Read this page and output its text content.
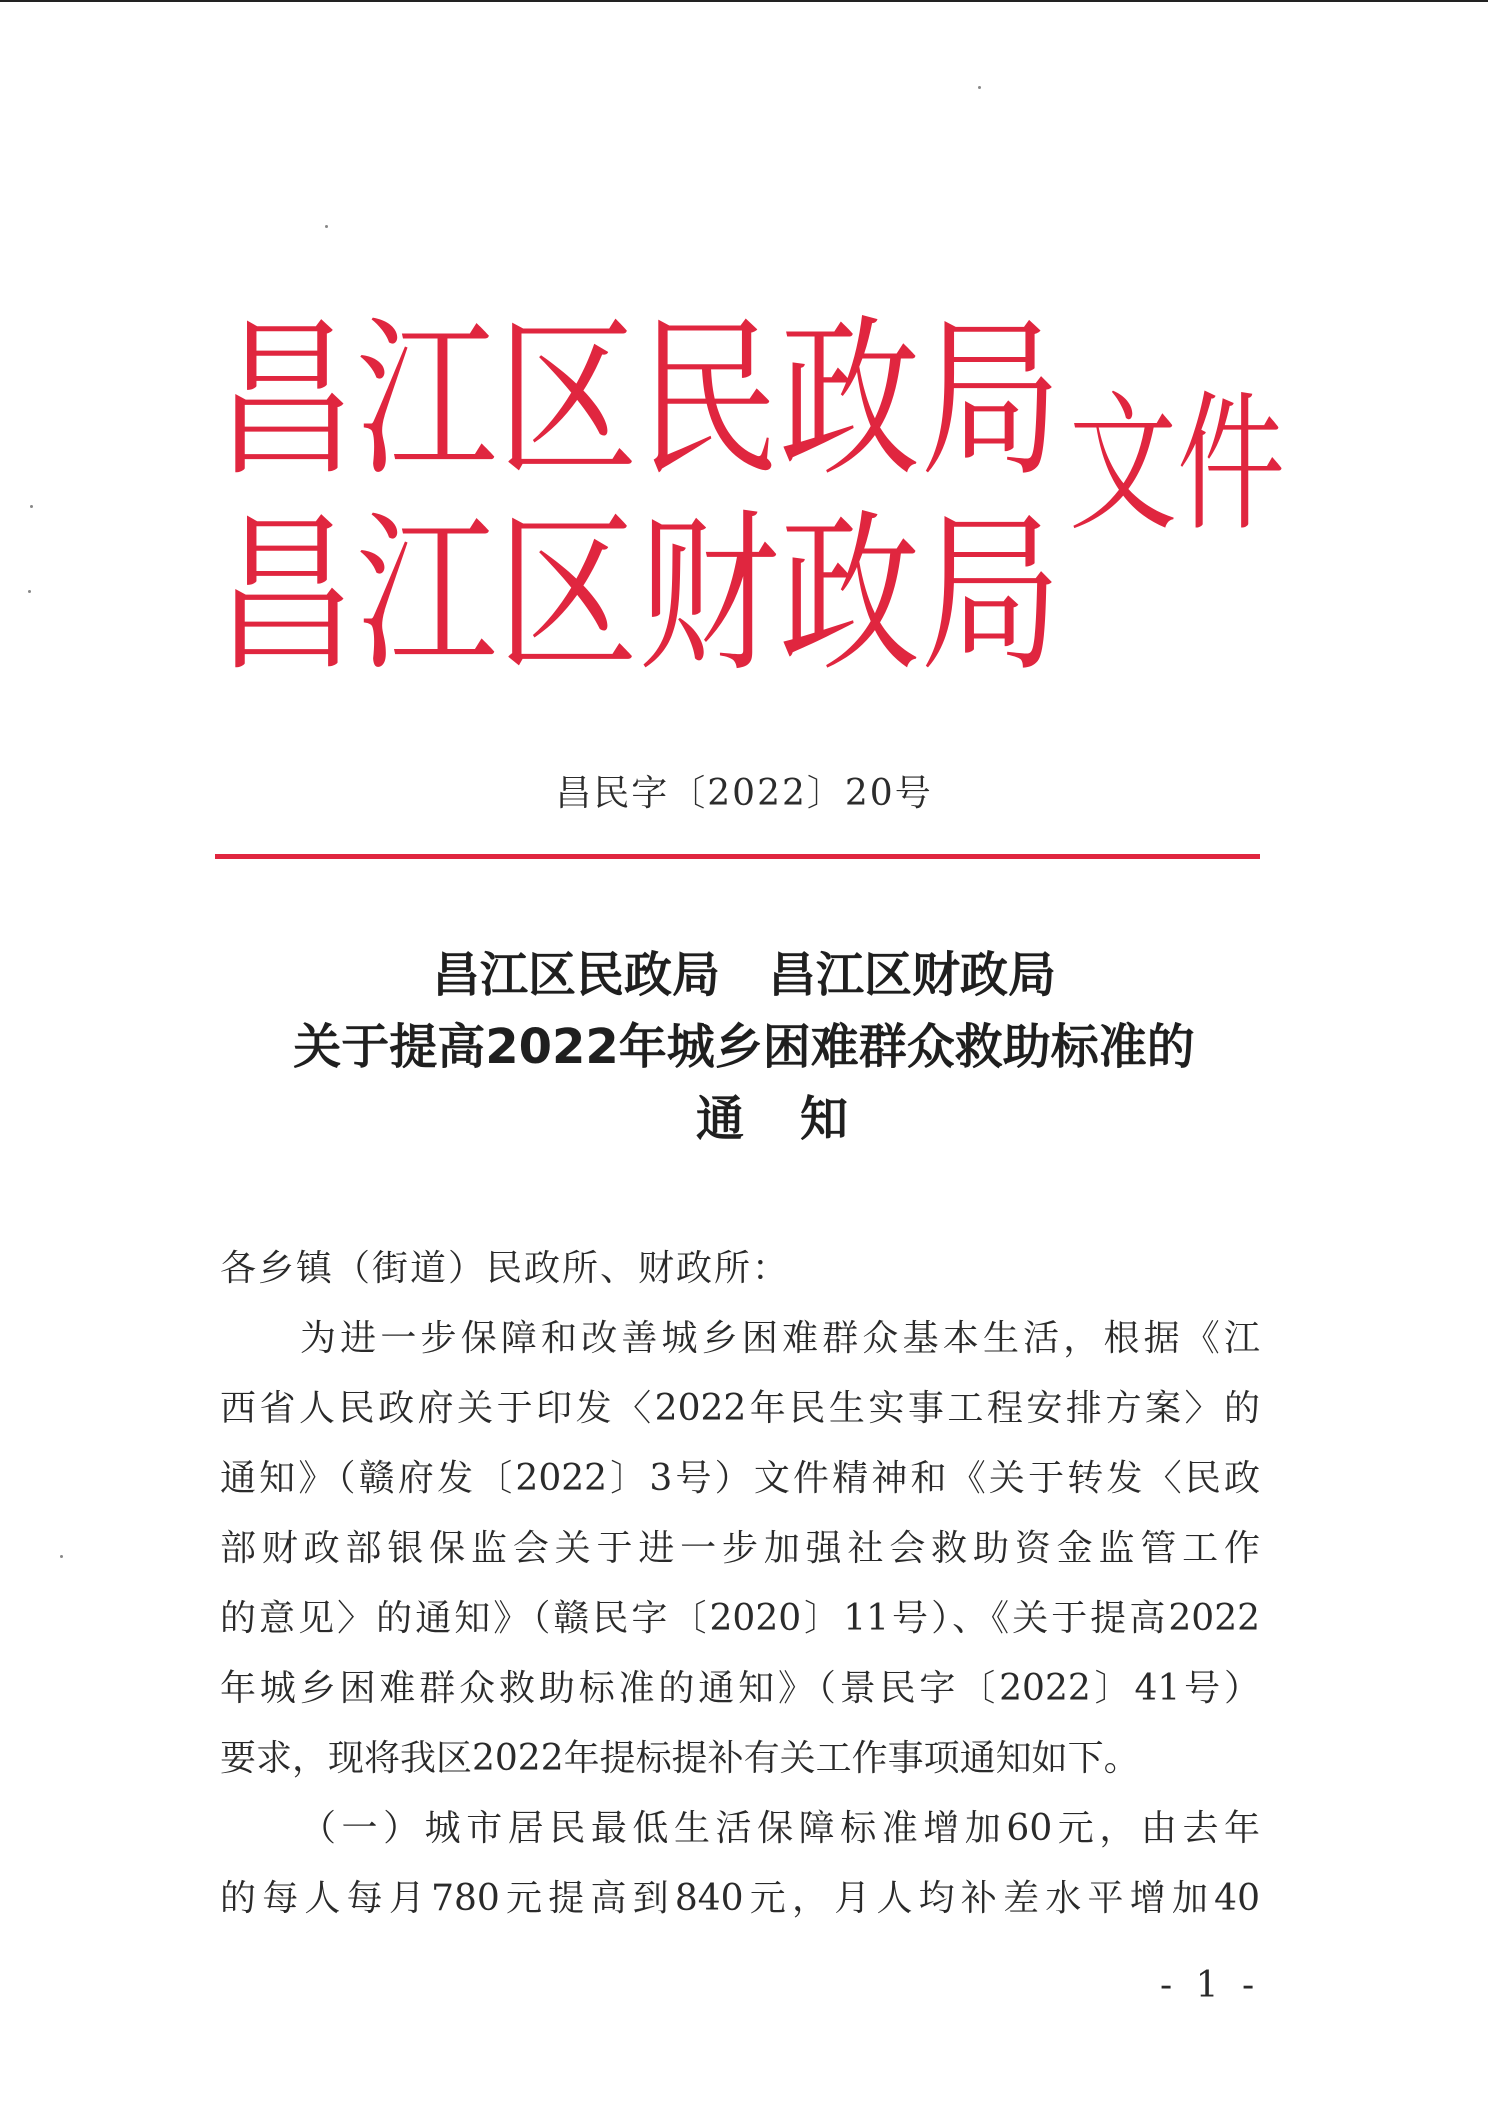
昌 江 区 民 政 局
昌 江 区 财 政 局
文件
昌民字〔2022〕20号
昌江区民政局　昌江区财政局
关于提高2022年城乡困难群众救助标准的
通知
各乡镇（街道）民政所、财政所：
为进一步保障和改善城乡困难群众基本生活，根据《江
西省人民政府关于印发〈2022年民生实事工程安排方案〉的
通知》（赣府发〔2022〕3号）文件精神和《关于转发〈民政
部财政部银保监会关于进一步加强社会救助资金监管工作
的意见〉的通知》（赣民字〔2020〕11号）、《关于提高2022
年城乡困难群众救助标准的通知》（景民字〔2022〕41号）
要求，现将我区2022年提标提补有关工作事项通知如下。
（一）城市居民最低生活保障标准增加60元，由去年
的每人每月780元提高到840元，月人均补差水平增加40
- 1 -
